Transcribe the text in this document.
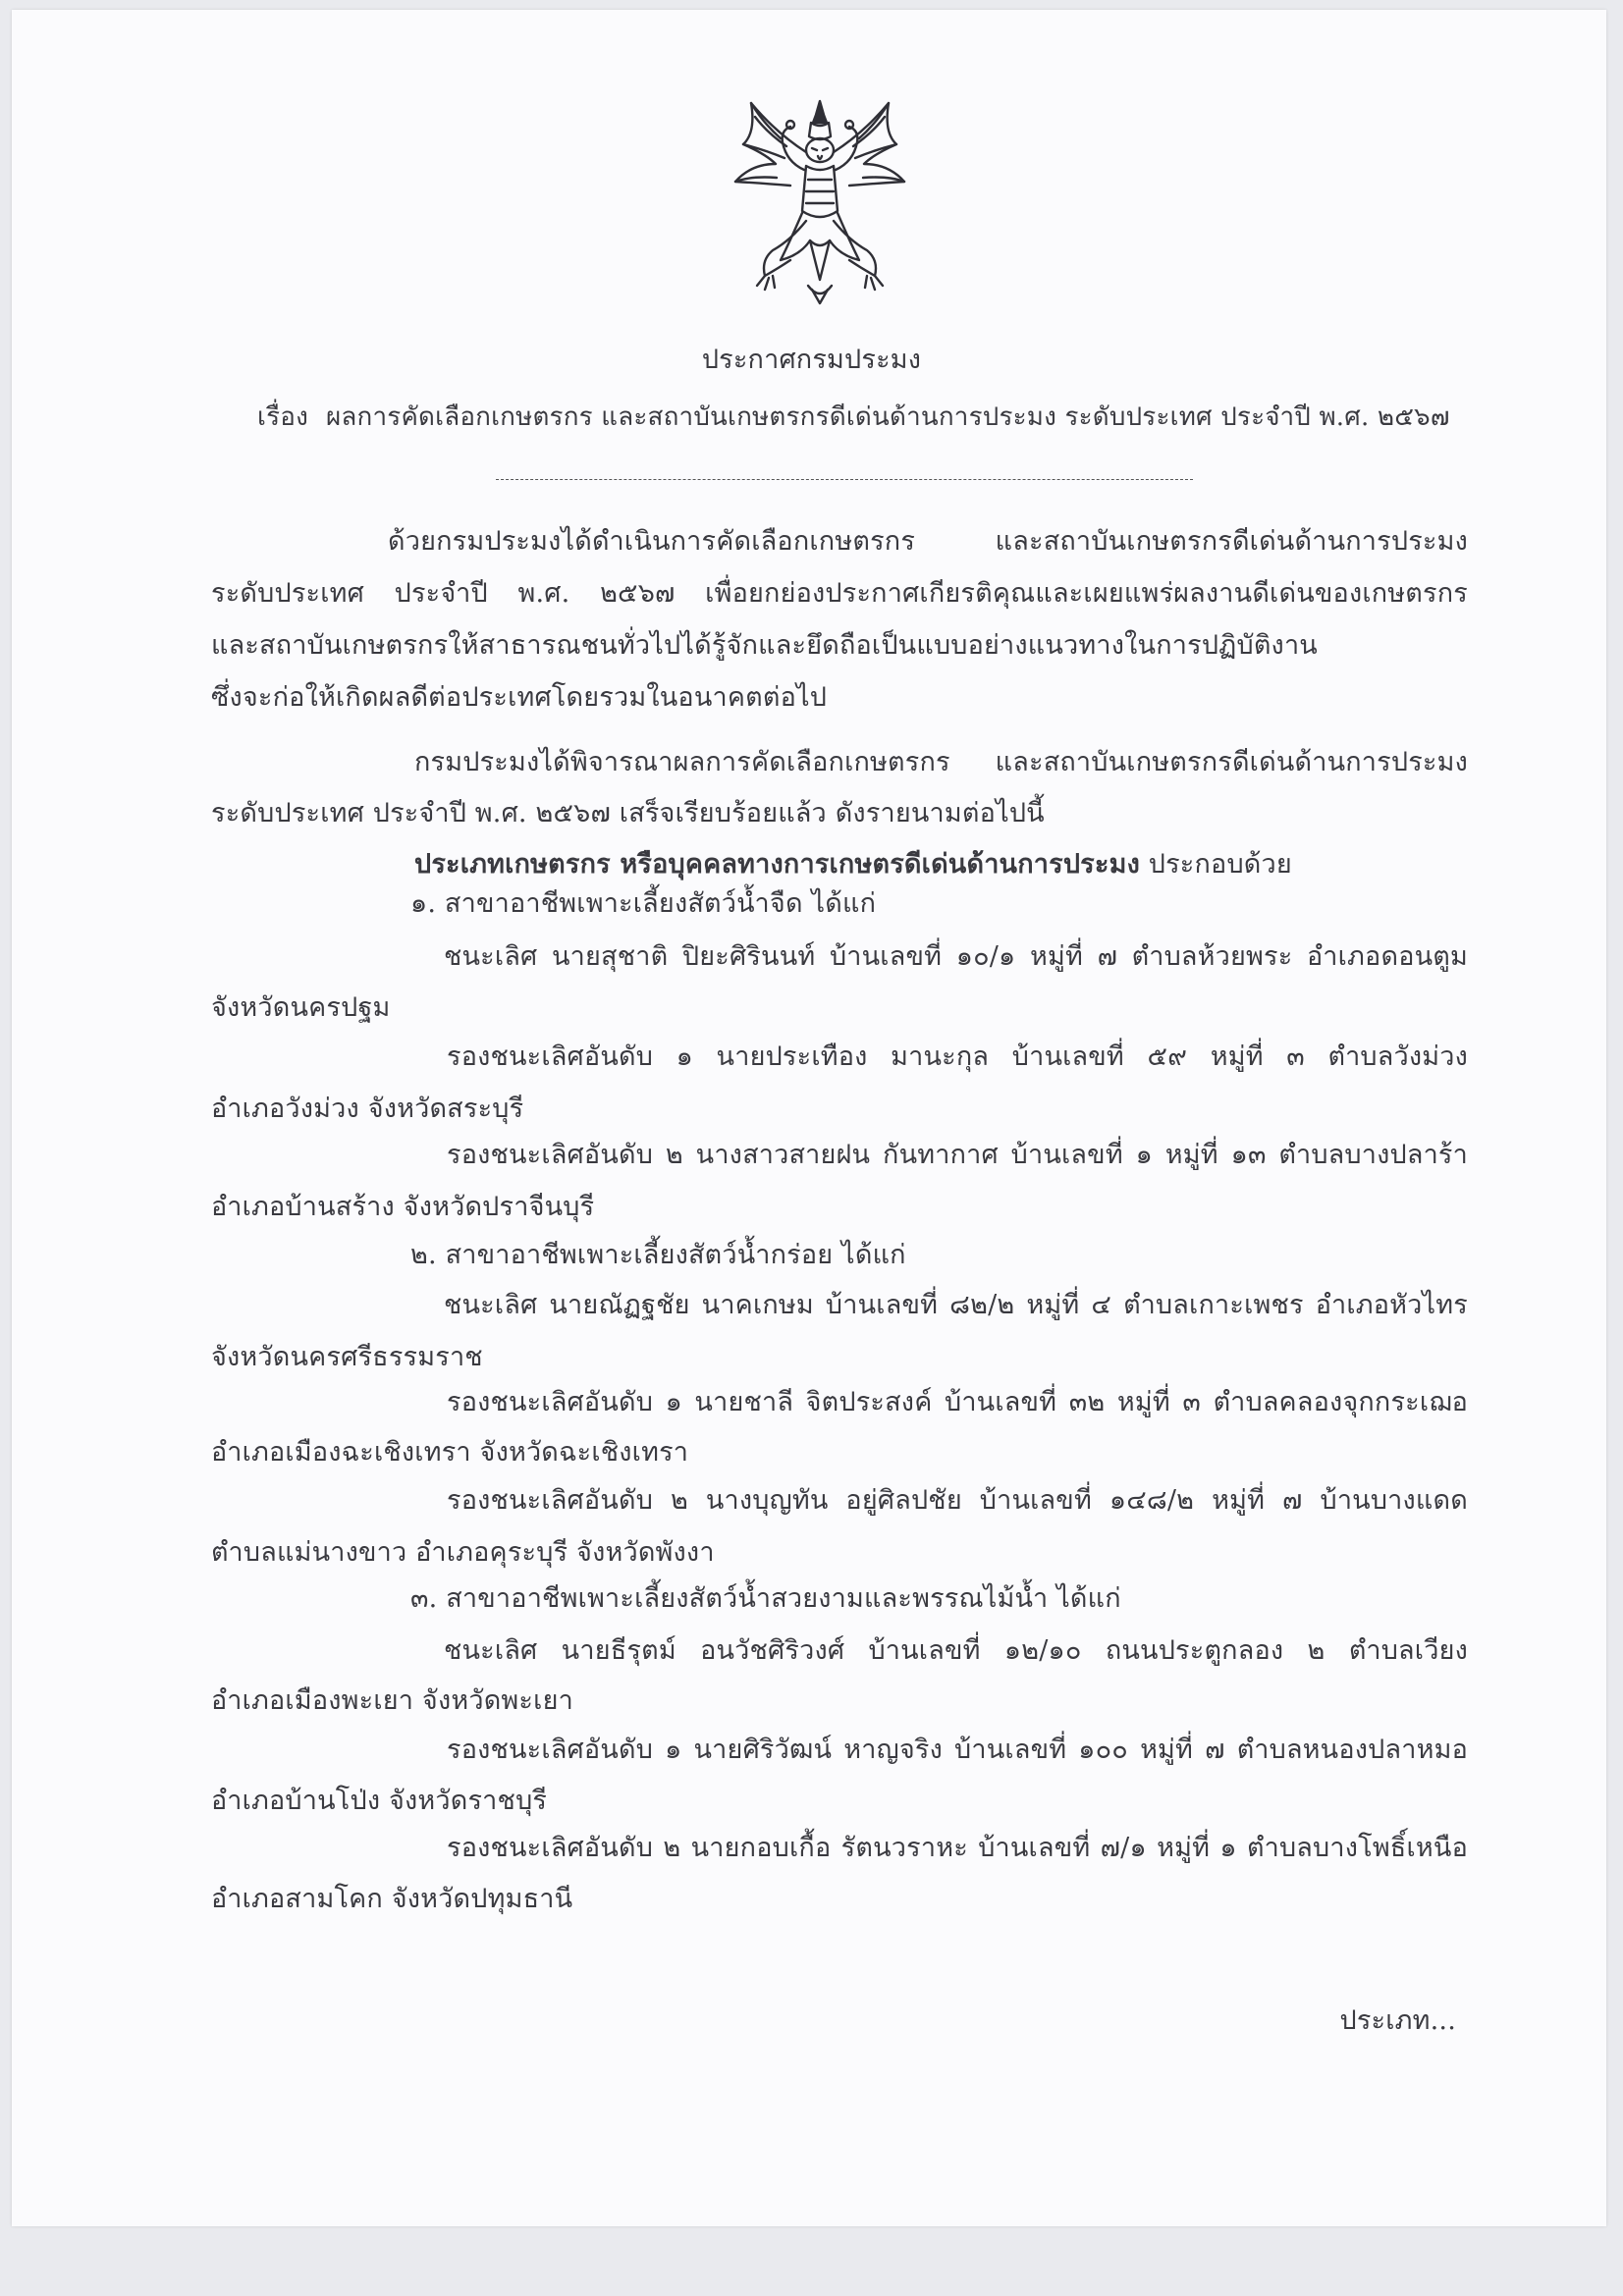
ประกาศกรมประมง
เรื่อง ผลการคัดเลือกเกษตรกร และสถาบันเกษตรกรดีเด่นด้านการประมง ระดับประเทศ ประจำปี พ.ศ. ๒๕๖๗
ด้วยกรมประมงได้ดำเนินการคัดเลือกเกษตรกร และสถาบันเกษตรกรดีเด่นด้านการประมง
ระดับประเทศ ประจำปี พ.ศ. ๒๕๖๗ เพื่อยกย่องประกาศเกียรติคุณและเผยแพร่ผลงานดีเด่นของเกษตรกร
และสถาบันเกษตรกรให้สาธารณชนทั่วไปได้รู้จักและยึดถือเป็นแบบอย่างแนวทางในการปฏิบัติงาน
ซึ่งจะก่อให้เกิดผลดีต่อประเทศโดยรวมในอนาคตต่อไป
กรมประมงได้พิจารณาผลการคัดเลือกเกษตรกร และสถาบันเกษตรกรดีเด่นด้านการประมง
ระดับประเทศ ประจำปี พ.ศ. ๒๕๖๗ เสร็จเรียบร้อยแล้ว ดังรายนามต่อไปนี้
ประเภทเกษตรกร หรือบุคคลทางการเกษตรดีเด่นด้านการประมง ประกอบด้วย
๑. สาขาอาชีพเพาะเลี้ยงสัตว์น้ำจืด ได้แก่
ชนะเลิศ นายสุชาติ ปิยะศิรินนท์ บ้านเลขที่ ๑๐/๑ หมู่ที่ ๗ ตำบลห้วยพระ อำเภอดอนตูม
จังหวัดนครปฐม
รองชนะเลิศอันดับ ๑ นายประเทือง มานะกุล บ้านเลขที่ ๕๙ หมู่ที่ ๓ ตำบลวังม่วง
อำเภอวังม่วง จังหวัดสระบุรี
รองชนะเลิศอันดับ ๒ นางสาวสายฝน กันทากาศ บ้านเลขที่ ๑ หมู่ที่ ๑๓ ตำบลบางปลาร้า
อำเภอบ้านสร้าง จังหวัดปราจีนบุรี
๒. สาขาอาชีพเพาะเลี้ยงสัตว์น้ำกร่อย ได้แก่
ชนะเลิศ นายณัฏฐชัย นาคเกษม บ้านเลขที่ ๘๒/๒ หมู่ที่ ๔ ตำบลเกาะเพชร อำเภอหัวไทร
จังหวัดนครศรีธรรมราช
รองชนะเลิศอันดับ ๑ นายชาลี จิตประสงค์ บ้านเลขที่ ๓๒ หมู่ที่ ๓ ตำบลคลองจุกกระเฌอ
อำเภอเมืองฉะเชิงเทรา จังหวัดฉะเชิงเทรา
รองชนะเลิศอันดับ ๒ นางบุญทัน อยู่ศิลปชัย บ้านเลขที่ ๑๔๘/๒ หมู่ที่ ๗ บ้านบางแดด
ตำบลแม่นางขาว อำเภอคุระบุรี จังหวัดพังงา
๓. สาขาอาชีพเพาะเลี้ยงสัตว์น้ำสวยงามและพรรณไม้น้ำ ได้แก่
ชนะเลิศ นายธีรุตม์ อนวัชศิริวงศ์ บ้านเลขที่ ๑๒/๑๐ ถนนประตูกลอง ๒ ตำบลเวียง
อำเภอเมืองพะเยา จังหวัดพะเยา
รองชนะเลิศอันดับ ๑ นายศิริวัฒน์ หาญจริง บ้านเลขที่ ๑๐๐ หมู่ที่ ๗ ตำบลหนองปลาหมอ
อำเภอบ้านโป่ง จังหวัดราชบุรี
รองชนะเลิศอันดับ ๒ นายกอบเกื้อ รัตนวราหะ บ้านเลขที่ ๗/๑ หมู่ที่ ๑ ตำบลบางโพธิ์เหนือ
อำเภอสามโคก จังหวัดปทุมธานี
ประเภท...
